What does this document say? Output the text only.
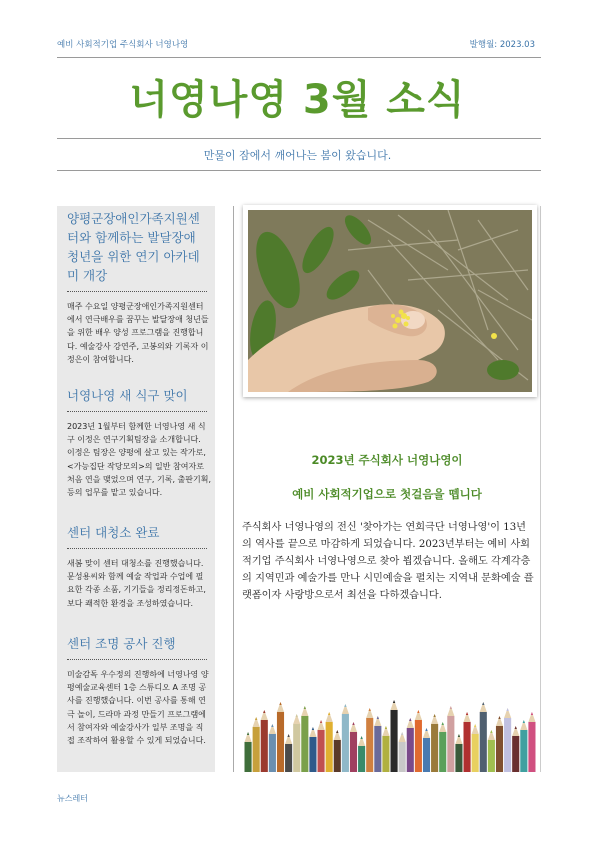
예비 사회적기업 주식회사 너영나영	발행월: 2023.03
너영나영 3월 소식
만물이 잠에서 깨어나는 봄이 왔습니다.

양평군장애인가족지원센터와 함께하는 발달장애 청년을 위한 연기 아카데미 개강

매주 수요일 양평군장애인가족지원센터에서 연극배우를 꿈꾸는 발달장애 청년들을 위한 배우 양성 프로그램을 진행합니다. 예술강사 강연주, 고봉의와 기록자 이정은이 참여합니다.

너영나영 새 식구 맞이

2023년 1월부터 함께한 너영나영 새 식구 이정은 연구기획팀장을 소개합니다. 이정은 팀장은 양평에 살고 있는 작가로, <가능집단 작당모의>의 일반 참여자로 처음 연을 맺었으며 연구, 기록, 출판기획, 등의 업무를 맡고 있습니다.

센터 대청소 완료

새봄 맞이 센터 대청소를 진행했습니다. 문성용씨와 함께 예술 작업과 수업에 필요한 각종 소품, 기기들을 정리정돈하고, 보다 쾌적한 환경을 조성하였습니다.

센터 조명 공사 진행

미술감독 우수정의 진행하에 너영나영 양평예술교육센터 1층 스튜디오 A 조명 공사를 진행했습니다. 이번 공사를 통해 연극 놀이, 드라마 과정 만들기 프로그램에서 참여자와 예술강사가 일부 조명을 직접 조작하여 활용할 수 있게 되었습니다.

2023년 주식회사 너영나영이
예비 사회적기업으로 첫걸음을 뗍니다

주식회사 너영나영의 전신 '찾아가는 연희극단 너영나영'이 13년의 역사를 끝으로 마감하게 되었습니다. 2023년부터는 예비 사회적기업 주식회사 너영나영으로 찾아 뵙겠습니다. 올해도 각계각층의 지역민과 예술가를 만나 시민예술을 펼치는 지역내 문화예술 플랫폼이자 사랑방으로서 최선을 다하겠습니다.

뉴스레터
